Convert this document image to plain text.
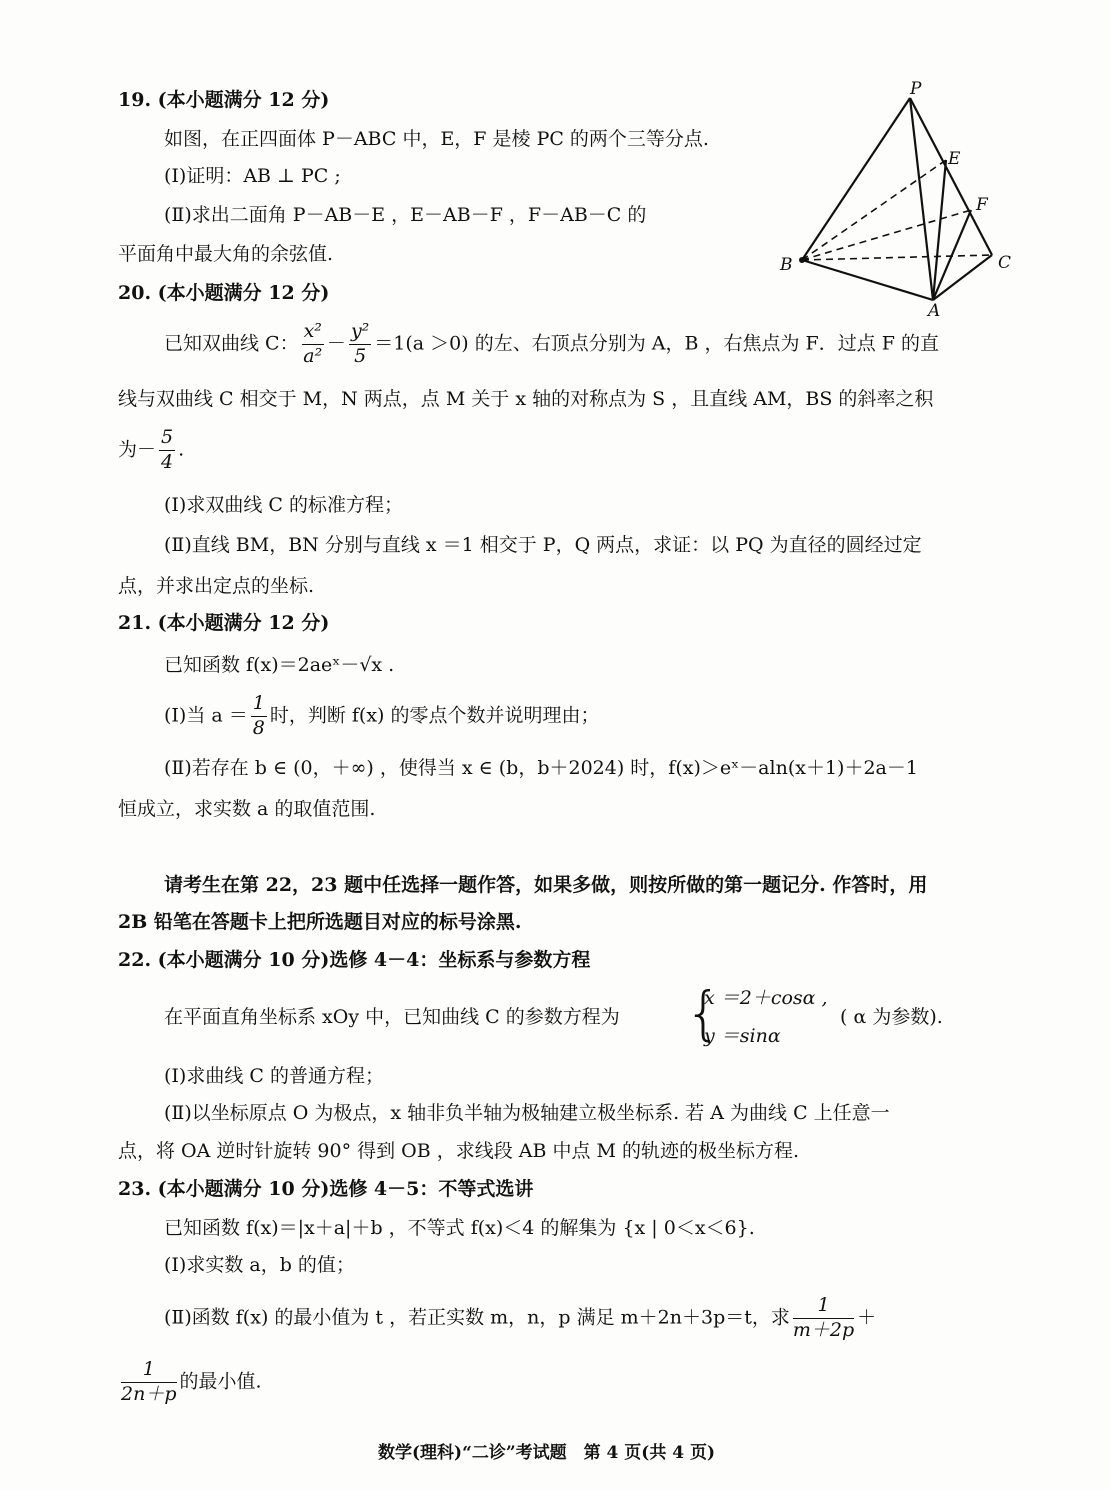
19. (本小题满分 12 分)
如图，在正四面体 P－ABC 中，E，F 是棱 PC 的两个三等分点.
(Ⅰ)证明：AB ⊥ PC ;
(Ⅱ)求出二面角 P－AB－E ，E－AB－F ，F－AB－C 的
平面角中最大角的余弦值.
P
E
F
B	C
A
20. (本小题满分 12 分)
已知双曲线 C： $\frac{\text{x²}}{\text{a²}} - \frac{\text{y²}}{5} =1(a >0)$ 的左、右顶点分别为 A，B ，右焦点为 F．过点 F 的直
线与双曲线 C 相交于 M，N 两点，点 M 关于 x 轴的对称点为 S ，且直线 AM，BS 的斜率之积
为－ $\frac{5}{4}$ .
(Ⅰ)求双曲线 C 的标准方程；
(Ⅱ)直线 BM，BN 分别与直线 x ＝1 相交于 P，Q 两点，求证：以 PQ 为直径的圆经过定
点，并求出定点的坐标.
21. (本小题满分 12 分)
已知函数 f(x)＝2aeˣ－√x .
(Ⅰ)当 $a = \frac{1}{8}$ 时，判断 f(x) 的零点个数并说明理由；
(Ⅱ)若存在 b ∈ (0，＋∞) ，使得当 x ∈ (b，b＋2024) 时，f(x)＞eˣ－aln(x＋1)＋2a－1
恒成立，求实数 a 的取值范围.
请考生在第 22，23 题中任选择一题作答，如果多做，则按所做的第一题记分. 作答时，用
2B 铅笔在答题卡上把所选题目对应的标号涂黑.
22. (本小题满分 10 分)选修 4－4：坐标系与参数方程
在平面直角坐标系 xOy 中，已知曲线 C 的参数方程为 {
x ＝2＋cosα ,
y ＝sinα
( α 为参数).
(Ⅰ)求曲线 C 的普通方程；
(Ⅱ)以坐标原点 O 为极点，x 轴非负半轴为极轴建立极坐标系. 若 A 为曲线 C 上任意一
点，将 OA 逆时针旋转 90° 得到 OB ，求线段 AB 中点 M 的轨迹的极坐标方程.
23. (本小题满分 10 分)选修 4－5：不等式选讲
已知函数 f(x)＝|x＋a|＋b ，不等式 f(x)＜4 的解集为 {x | 0＜x＜6}.
(Ⅰ)求实数 a，b 的值；
(Ⅱ)函数 f(x) 的最小值为 t ，若正实数 m，n，p 满足 m＋2n＋3p＝t，求 $\frac{1}{m+2p}$ ＋
$\frac{1}{2n+p}$ 的最小值.
数学(理科)“二诊”考试题　第 4 页(共 4 页)
